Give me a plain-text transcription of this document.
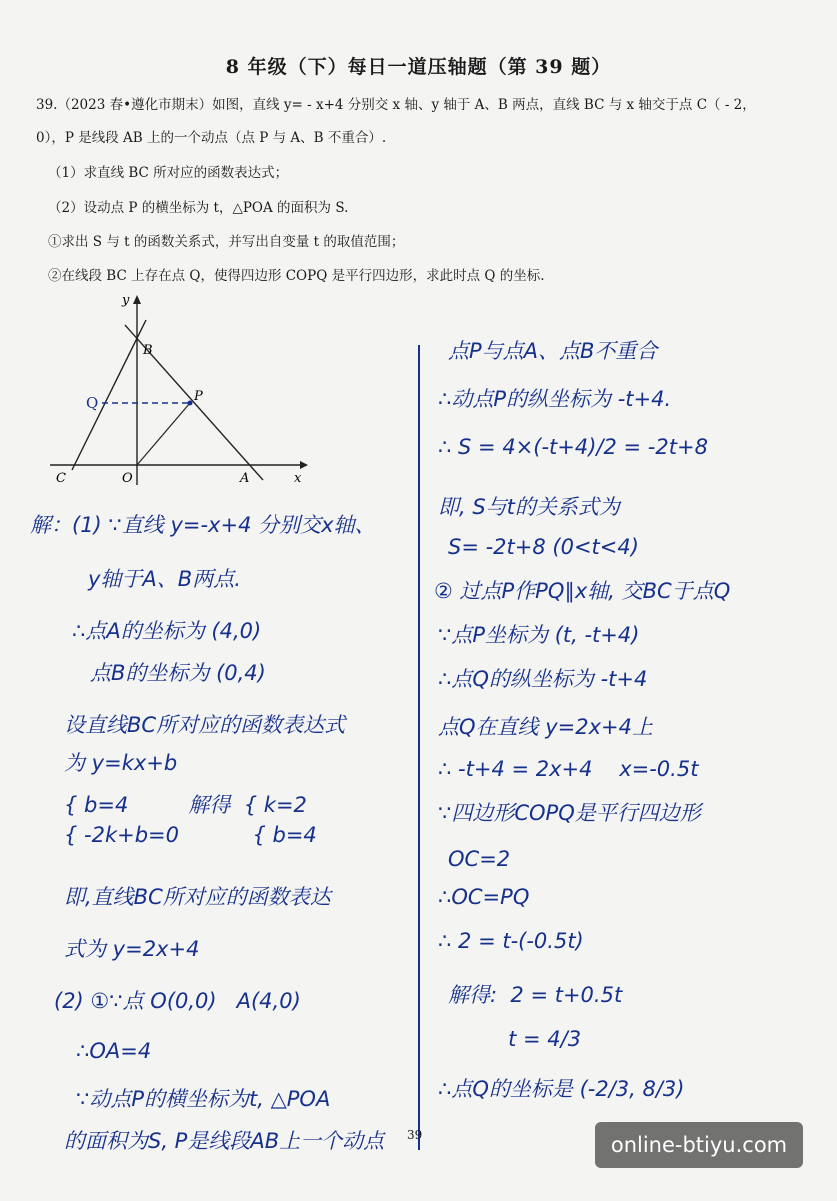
8 年级（下）每日一道压轴题（第 39 题）
39.（2023 春•遵化市期末）如图，直线 y= - x+4 分别交 x 轴、y 轴于 A、B 两点，直线 BC 与 x 轴交于点 C（ - 2，
0），P 是线段 AB 上的一个动点（点 P 与 A、B 不重合）.
（1）求直线 BC 所对应的函数表达式；
（2）设动点 P 的横坐标为 t，△POA 的面积为 S.
①求出 S 与 t 的函数关系式，并写出自变量 t 的取值范围；
②在线段 BC 上存在点 Q，使得四边形 COPQ 是平行四边形，求此时点 Q 的坐标.
y
x
B
P
Q
C	O	A
解：(1) ∵直线 y=-x+4 分别交x轴、
y轴于A、B两点.
∴点A的坐标为 (4,0)
点B的坐标为 (0,4)
设直线BC所对应的函数表达式
为 y=kx+b
{ b=4         解得  { k=2
{ -2k+b=0           { b=4
即,直线BC所对应的函数表达
式为 y=2x+4
(2) ①∵点 O(0,0)   A(4,0)
∴OA=4
∵动点P的横坐标为t, △POA
的面积为S, P是线段AB上一个动点
点P与点A、点B不重合
∴动点P的纵坐标为 -t+4.
∴ S = 4×(-t+4)/2 = -2t+8
即, S与t的关系式为
S= -2t+8 (0<t<4)
② 过点P作PQ∥x轴, 交BC于点Q
∵点P坐标为 (t, -t+4)
∴点Q的纵坐标为 -t+4
点Q在直线 y=2x+4上
∴ -t+4 = 2x+4    x=-0.5t
∵四边形COPQ是平行四边形
OC=2
∴OC=PQ
∴ 2 = t-(-0.5t)
解得:  2 = t+0.5t
t = 4/3
∴点Q的坐标是 (-2/3, 8/3)
39	online-btiyu.com
